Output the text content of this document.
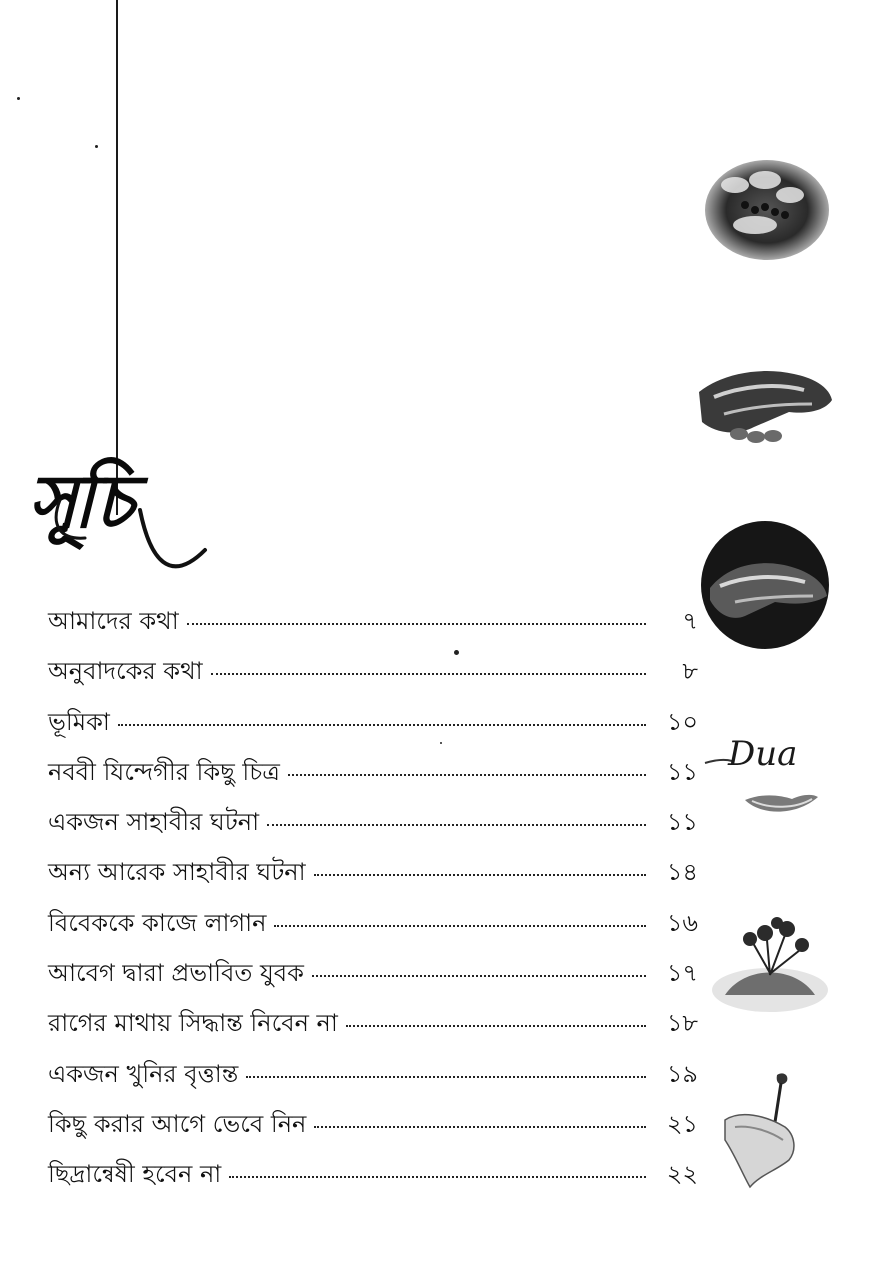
সূচি
আমাদের কথা	৭
অনুবাদকের কথা	৮
ভূমিকা	১০
নববী যিন্দেগীর কিছু চিত্র	১১
একজন সাহাবীর ঘটনা	১১
অন্য আরেক সাহাবীর ঘটনা	১৪
বিবেককে কাজে লাগান	১৬
আবেগ দ্বারা প্রভাবিত যুবক	১৭
রাগের মাথায় সিদ্ধান্ত নিবেন না	১৮
একজন খুনির বৃত্তান্ত	১৯
কিছু করার আগে ভেবে নিন	২১
ছিদ্রান্বেষী হবেন না	২২
Dua
